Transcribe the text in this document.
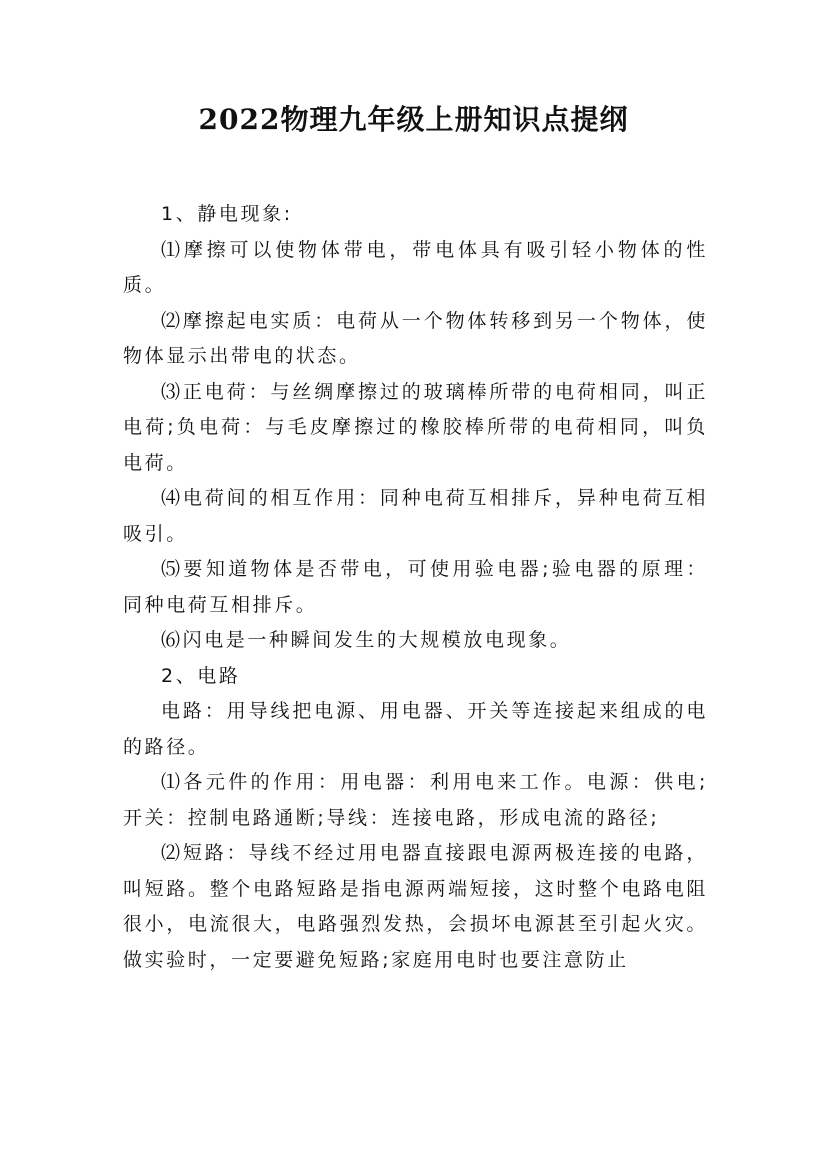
2022物理九年级上册知识点提纲

1、静电现象:

⑴摩擦可以使物体带电，带电体具有吸引轻小物体的性质。

⑵摩擦起电实质：电荷从一个物体转移到另一个物体，使物体显示出带电的状态。

⑶正电荷：与丝绸摩擦过的玻璃棒所带的电荷相同，叫正电荷;负电荷：与毛皮摩擦过的橡胶棒所带的电荷相同，叫负电荷。

⑷电荷间的相互作用：同种电荷互相排斥，异种电荷互相吸引。

⑸要知道物体是否带电，可使用验电器;验电器的原理：同种电荷互相排斥。

⑹闪电是一种瞬间发生的大规模放电现象。

2、电路

电路：用导线把电源、用电器、开关等连接起来组成的电的路径。

⑴各元件的作用：用电器：利用电来工作。电源：供电;开关：控制电路通断;导线：连接电路，形成电流的路径;

⑵短路：导线不经过用电器直接跟电源两极连接的电路，叫短路。整个电路短路是指电源两端短接，这时整个电路电阻很小，电流很大，电路强烈发热，会损坏电源甚至引起火灾。做实验时，一定要避免短路;家庭用电时也要注意防止
